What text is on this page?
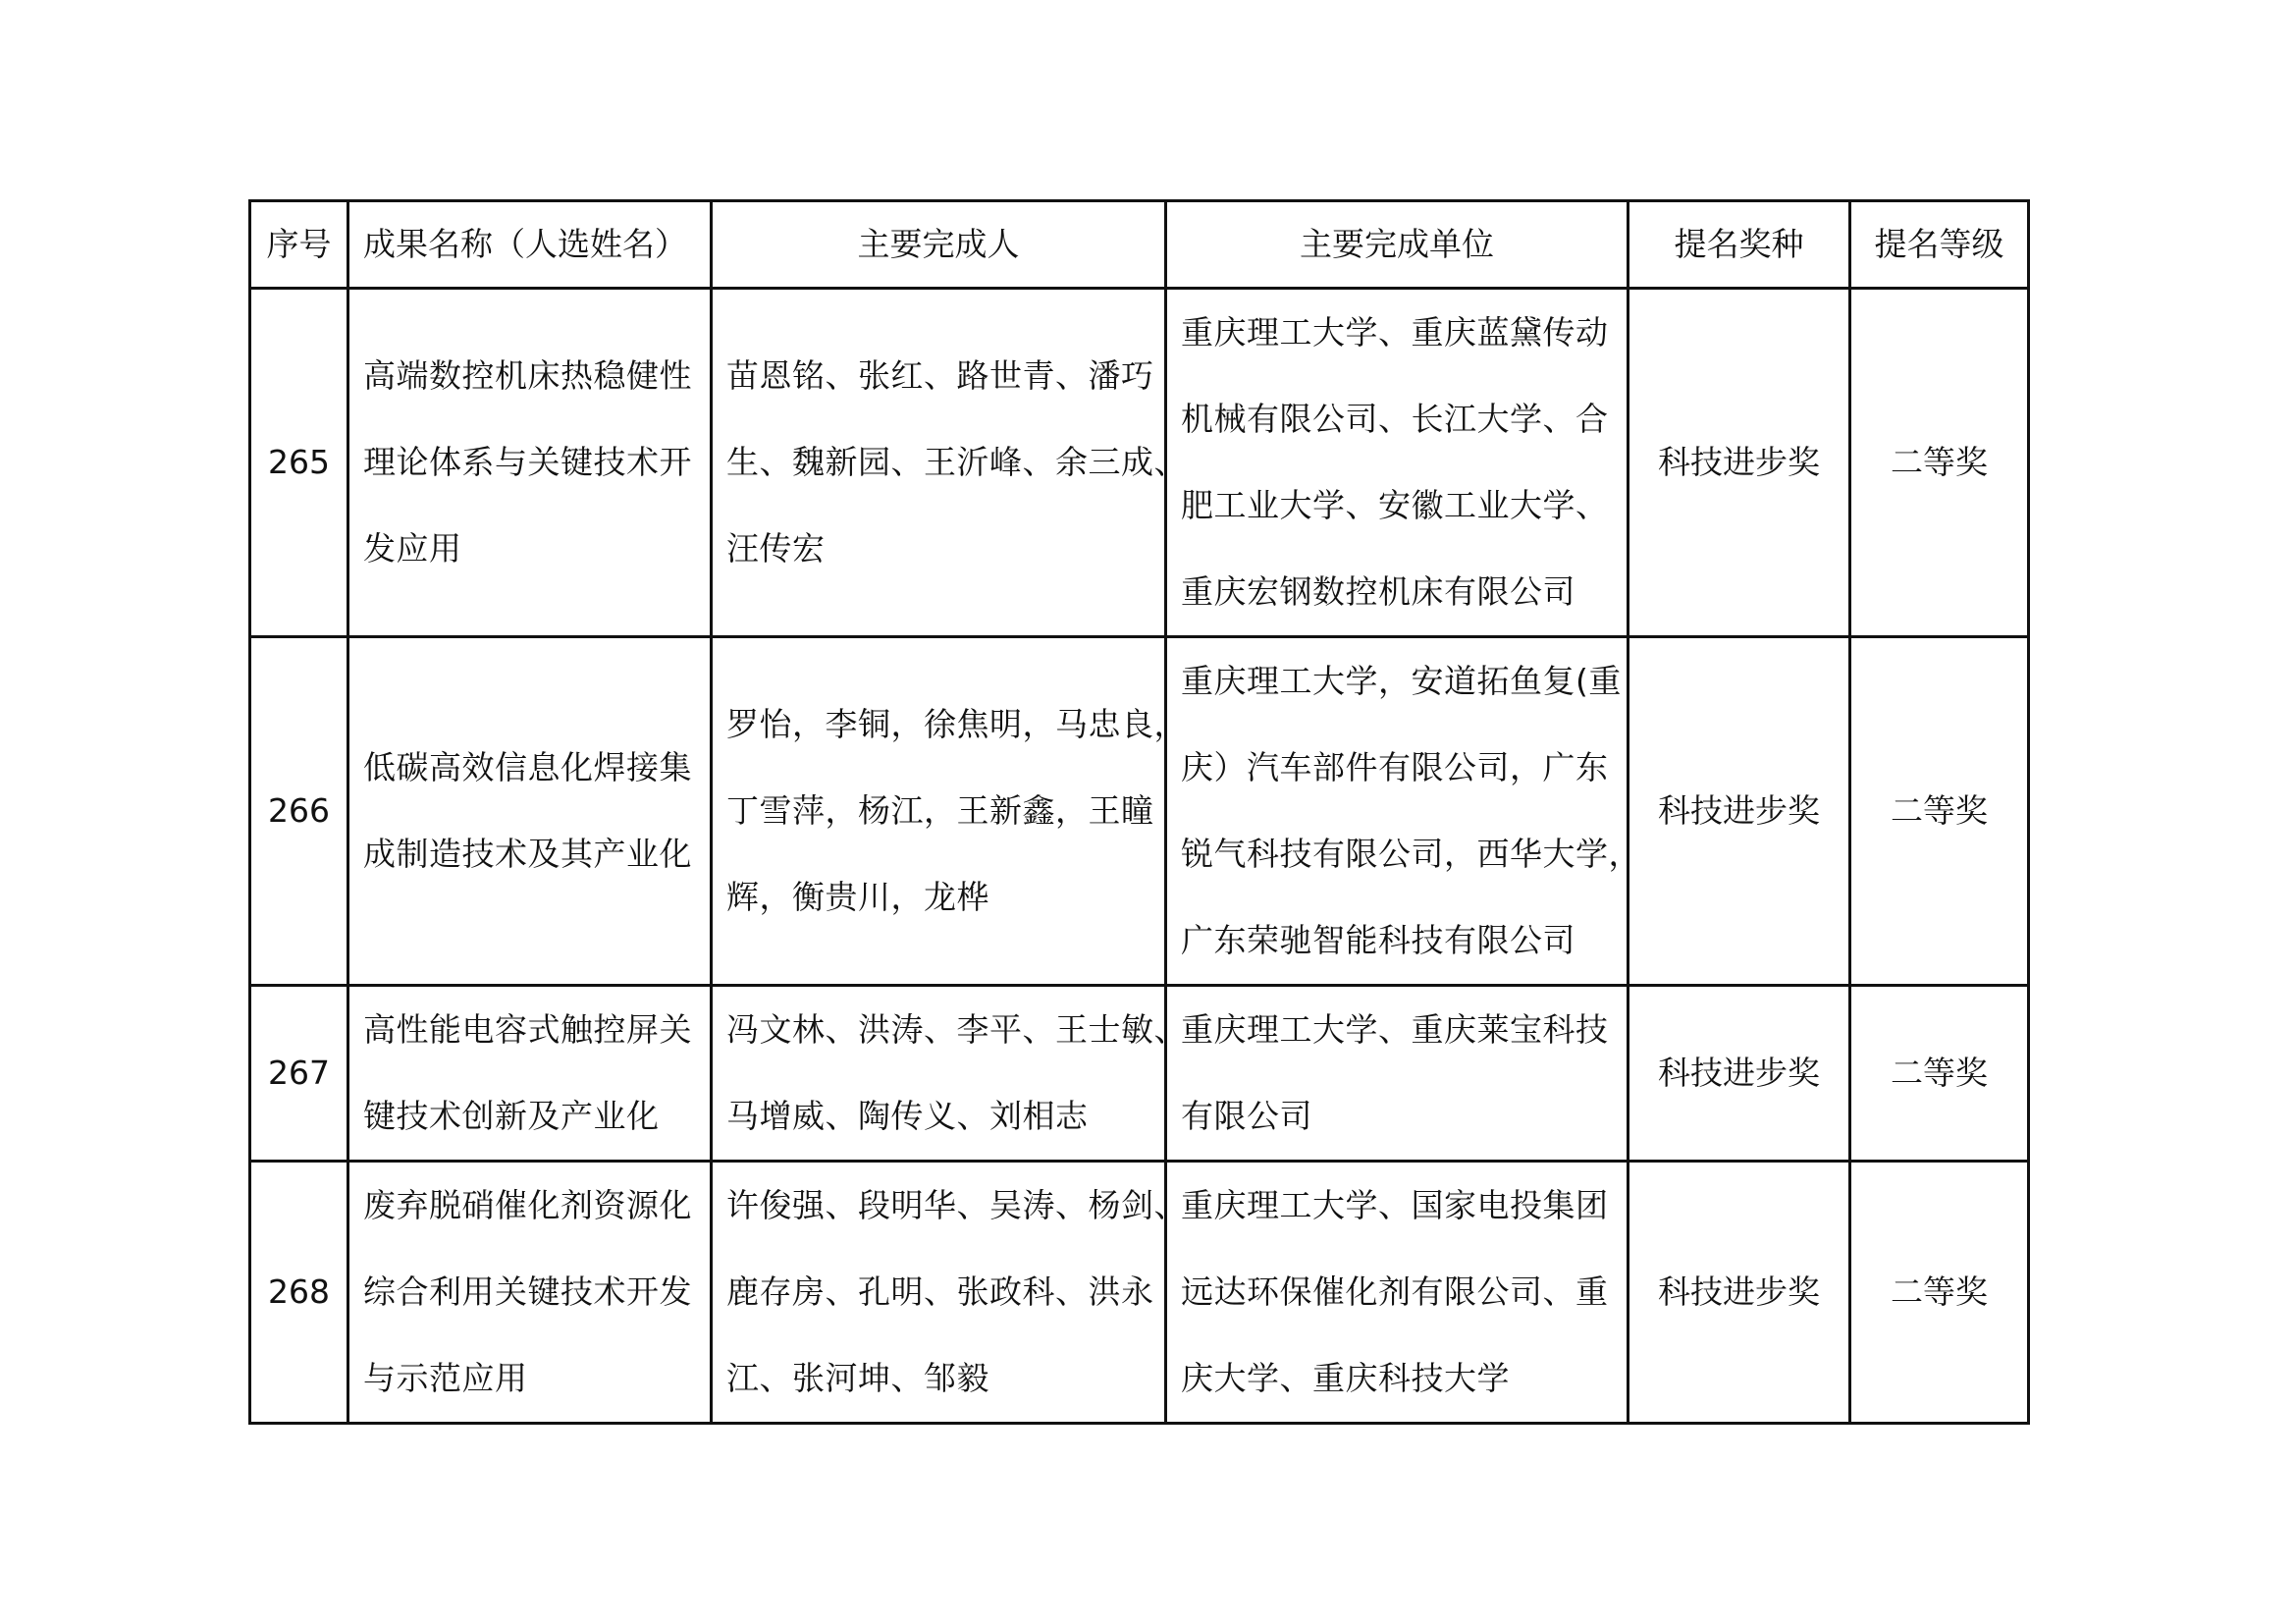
序号	成果名称（人选姓名）	主要完成人	主要完成单位	提名奖种	提名等级
265	高端数控机床热稳健性
理论体系与关键技术开
发应用	苗恩铭、张红、路世青、潘巧
生、魏新园、王沂峰、余三成、
汪传宏	重庆理工大学、重庆蓝黛传动
机械有限公司、长江大学、合
肥工业大学、安徽工业大学、
重庆宏钢数控机床有限公司	科技进步奖	二等奖
266	低碳高效信息化焊接集
成制造技术及其产业化	罗怡，李铜，徐焦明，马忠良，
丁雪萍，杨江，王新鑫，王瞳
辉，衡贵川，龙桦	重庆理工大学，安道拓鱼复(重
庆）汽车部件有限公司，广东
锐气科技有限公司，西华大学，
广东荣驰智能科技有限公司	科技进步奖	二等奖
267	高性能电容式触控屏关
键技术创新及产业化	冯文林、洪涛、李平、王士敏、
马增威、陶传义、刘相志	重庆理工大学、重庆莱宝科技
有限公司	科技进步奖	二等奖
268	废弃脱硝催化剂资源化
综合利用关键技术开发
与示范应用	许俊强、段明华、吴涛、杨剑、
鹿存房、孔明、张政科、洪永
江、张河坤、邹毅	重庆理工大学、国家电投集团
远达环保催化剂有限公司、重
庆大学、重庆科技大学	科技进步奖	二等奖
